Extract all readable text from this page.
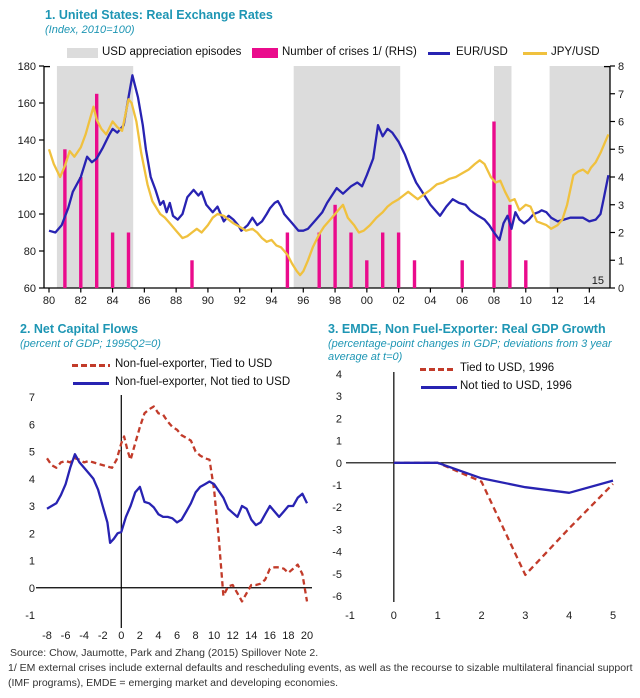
1. United States: Real Exchange Rates
(Index, 2010=100)
USD appreciation episodes	Number of crises 1/ (RHS)	EUR/USD	JPY/USD
180
160
140
120
100
80
60
8
7
6
5
4
3
2
1
0
80 82 84 86 88 90 92 94 96 98 00 02 04 06 08 10 12 14
15
2. Net Capital Flows
(percent of GDP; 1995Q2=0)
Non-fuel-exporter, Tied to USD
Non-fuel-exporter, Not tied to USD
7
6
5
4
3
2
1
0
-1
-8 -6 -4 -2 0 2 4 6 8 10 12 14 16 18 20
3. EMDE, Non Fuel-Exporter: Real GDP Growth
(percentage-point changes in GDP; deviations from 3 year average at t=0)
4
3
2
1
0
-1
-2
-3
-4
-5
-6
-1	0	1	2	3	4	5
Tied to USD, 1996
Not tied to USD, 1996
Source: Chow, Jaumotte, Park and Zhang (2015) Spillover Note 2.
1/ EM external crises include external defaults and rescheduling events, as well as the recourse to sizable multilateral financial support (IMF programs), EMDE = emerging market and developing economies.
